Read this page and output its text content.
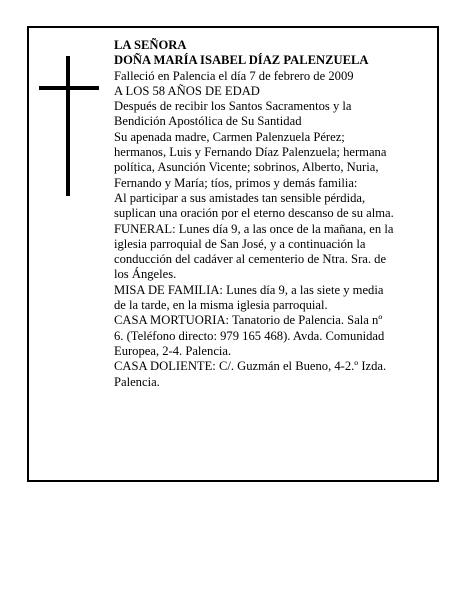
LA SEÑORA
DOÑA MARÍA ISABEL DÍAZ PALENZUELA
Falleció en Palencia el día 7 de febrero de 2009
A LOS 58 AÑOS DE EDAD
Después de recibir los Santos Sacramentos y la
Bendición Apostólica de Su Santidad
Su apenada madre, Carmen Palenzuela Pérez;
hermanos, Luis y Fernando Díaz Palenzuela; hermana
política, Asunción Vicente; sobrinos, Alberto, Nuria,
Fernando y María; tíos, primos y demás familia:
Al participar a sus amistades tan sensible pérdida,
suplican una oración por el eterno descanso de su alma.
FUNERAL: Lunes día 9, a las once de la mañana, en la
iglesia parroquial de San José, y a continuación la
conducción del cadáver al cementerio de Ntra. Sra. de
los Ángeles.
MISA DE FAMILIA: Lunes día 9, a las siete y media
de la tarde, en la misma iglesia parroquial.
CASA MORTUORIA: Tanatorio de Palencia. Sala nº
6. (Teléfono directo: 979 165 468). Avda. Comunidad
Europea, 2-4. Palencia.
CASA DOLIENTE: C/. Guzmán el Bueno, 4-2.º Izda.
Palencia.
